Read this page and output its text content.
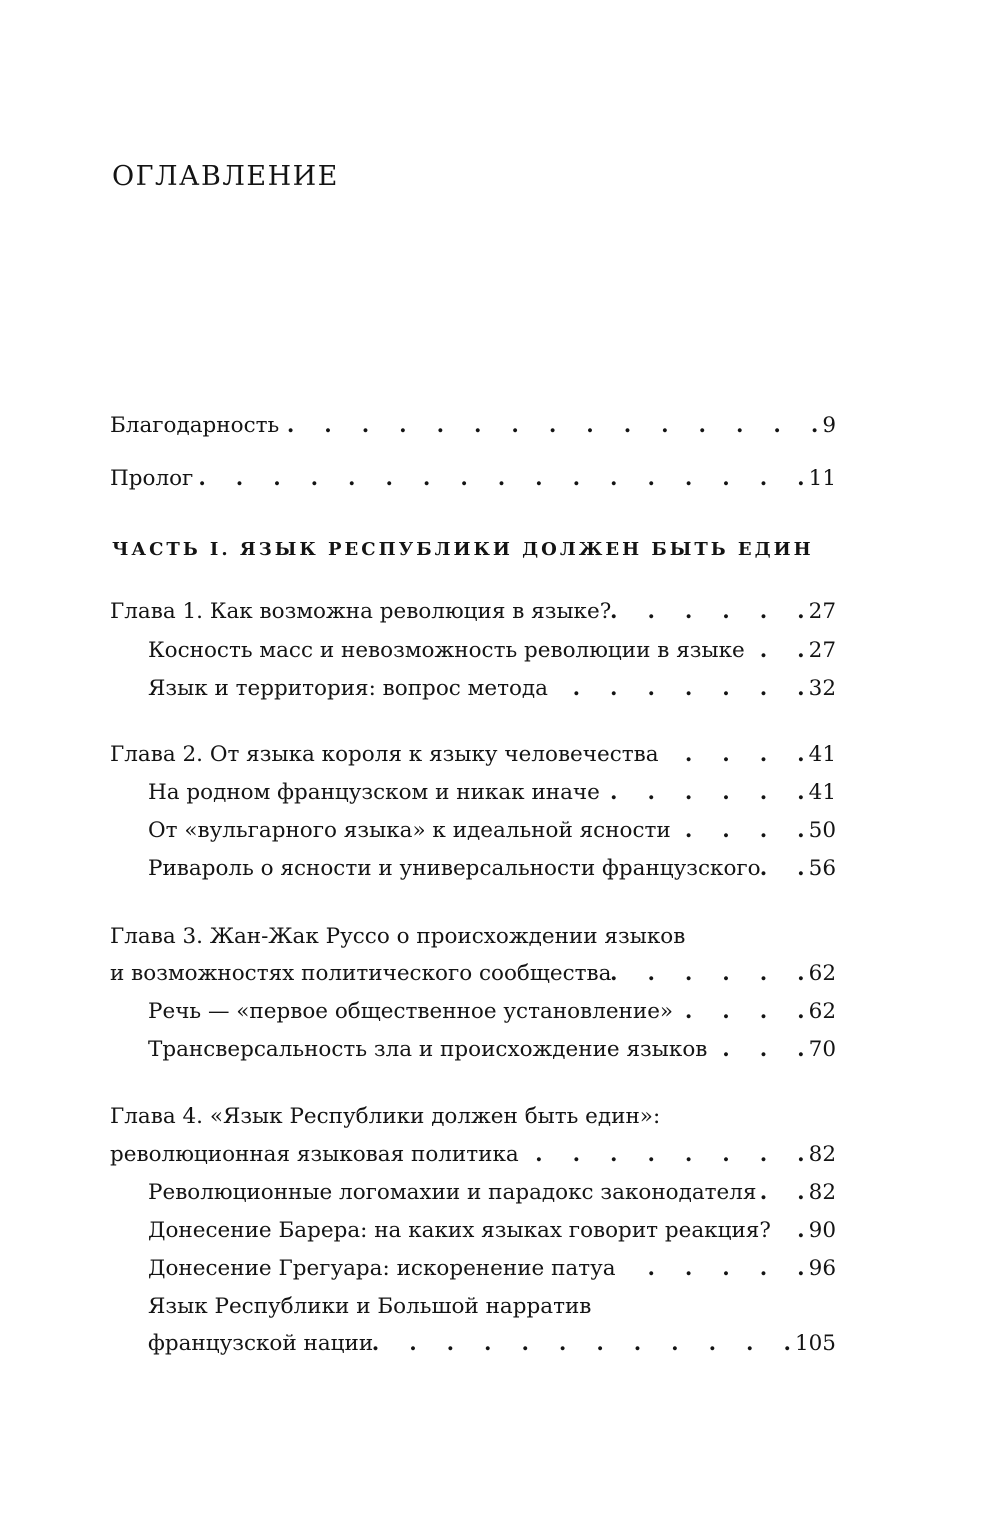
ОГЛАВЛЕНИЕ
Благодарность .	9
Пролог .	11
ЧАСТЬ I. ЯЗЫК РЕСПУБЛИКИ ДОЛЖЕН БЫТЬ ЕДИН
Глава 1. Как возможна революция в языке? .	27
Косность масс и невозможность революции в языке .	27
Язык и территория: вопрос метода .	32
Глава 2. От языка короля к языку человечества .	41
На родном французском и никак иначе .	41
От «вульгарного языка» к идеальной ясности .	50
Ривароль о ясности и универсальности французского . 56
Глава 3. Жан-Жак Руссо о происхождении языков
и возможностях политического сообщества .	62
Речь — «первое общественное установление» .	62
Трансверсальность зла и происхождение языков .	70
Глава 4. «Язык Республики должен быть един»:
революционная языковая политика .	82
Революционные логомахии и парадокс законодателя . 82
Донесение Барера: на каких языках говорит реакция? . 90
Донесение Грегуара: искоренение патуа .	96
Язык Республики и Большой нарратив
французской нации .	105
